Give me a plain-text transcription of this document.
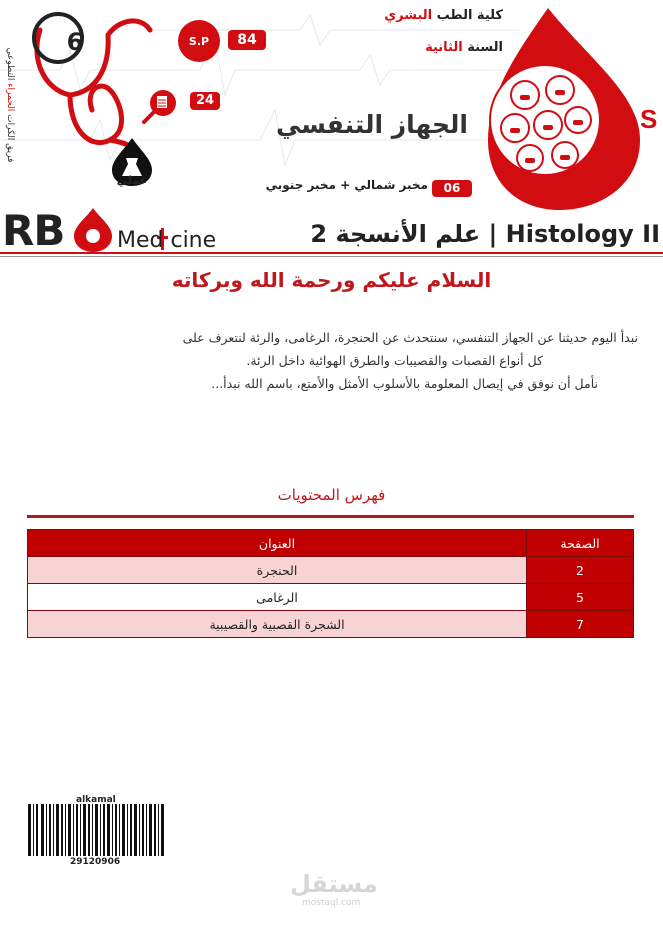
S
كلية الطب البشري
السنة الثانية
6	S.P	84
24
عملي
الجهاز التنفسي
06
مخبر شمالي + مخبر جنوبي
فريق الكرات الحمراء التطوعي
RB Med cine	علم الأنسجة 2 | Histology II
السلام عليكم ورحمة الله وبركاته

نبدأ اليوم حديثنا عن الجهاز التنفسي، سنتحدث عن الحنجرة، الرغامى، والرئة لنتعرف على

كل أنواع القصبات والقصيبات والطرق الهوائية داخل الرئة.

نأمل أن نوفق في إيصال المعلومة بالأسلوب الأمثل والأمتع، باسم الله نبدأ...

فهرس المحتويات
الصفحة	العنوان
2	الحنجرة
5	الرغامى
7	الشجرة القصبية والقصيبية
alkamal
29120906
مستقل
mostaql.com
